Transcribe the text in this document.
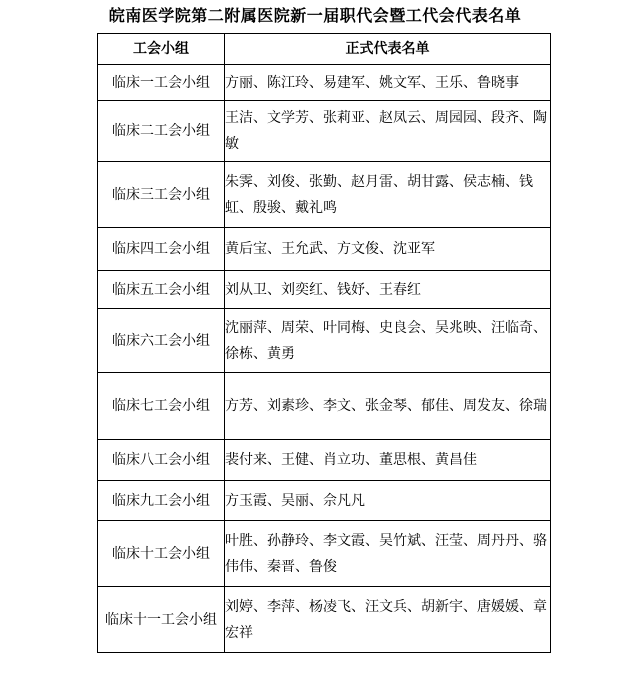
皖南医学院第二附属医院新一届职代会暨工代会代表名单
工会小组	正式代表名单
临床一工会小组	方丽、陈江玲、易建军、姚文军、王乐、鲁晓事
临床二工会小组	王洁、文学芳、张莉亚、赵凤云、周园园、段齐、陶敏
临床三工会小组	朱霁、刘俊、张勤、赵月雷、胡甘露、侯志楠、钱虹、殷骏、戴礼鸣
临床四工会小组	黄后宝、王允武、方文俊、沈亚军
临床五工会小组	刘从卫、刘奕红、钱妤、王春红
临床六工会小组	沈丽萍、周荣、叶同梅、史良会、吴兆映、汪临奇、徐栋、黄勇
临床七工会小组	方芳、刘素珍、李文、张金琴、郁佳、周发友、徐瑞
临床八工会小组	裴付来、王健、肖立功、董思根、黄昌佳
临床九工会小组	方玉霞、吴丽、佘凡凡
临床十工会小组	叶胜、孙静玲、李文霞、吴竹斌、汪莹、周丹丹、骆伟伟、秦晋、鲁俊
临床十一工会小组	刘婷、李萍、杨凌飞、汪文兵、胡新宇、唐媛媛、章宏祥
